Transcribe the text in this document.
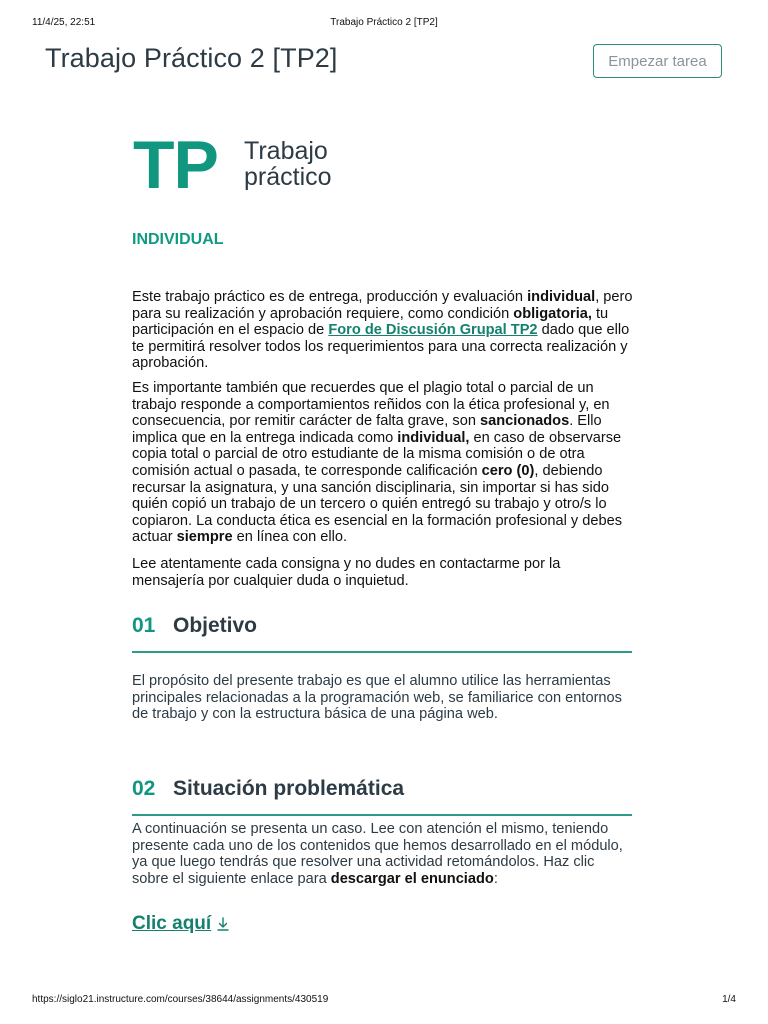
11/4/25, 22:51	Trabajo Práctico 2 [TP2]
Trabajo Práctico 2 [TP2]	Empezar tarea
TP Trabajo
práctico
INDIVIDUAL

Este trabajo práctico es de entrega, producción y evaluación individual, pero para su realización y aprobación requiere, como condición obligatoria, tu participación en el espacio de Foro de Discusión Grupal TP2 dado que ello te permitirá resolver todos los requerimientos para una correcta realización y aprobación.

Es importante también que recuerdes que el plagio total o parcial de un trabajo responde a comportamientos reñidos con la ética profesional y, en consecuencia, por remitir carácter de falta grave, son sancionados. Ello implica que en la entrega indicada como individual, en caso de observarse copia total o parcial de otro estudiante de la misma comisión o de otra comisión actual o pasada, te corresponde calificación cero (0), debiendo recursar la asignatura, y una sanción disciplinaria, sin importar si has sido quién copió un trabajo de un tercero o quién entregó su trabajo y otro/s lo copiaron. La conducta ética es esencial en la formación profesional y debes actuar siempre en línea con ello.

Lee atentamente cada consigna y no dudes en contactarme por la mensajería por cualquier duda o inquietud.

01 Objetivo

El propósito del presente trabajo es que el alumno utilice las herramientas principales relacionadas a la programación web, se familiarice con entornos de trabajo y con la estructura básica de una página web.

02 Situación problemática

A continuación se presenta un caso. Lee con atención el mismo, teniendo presente cada uno de los contenidos que hemos desarrollado en el módulo, ya que luego tendrás que resolver una actividad retomándolos. Haz clic sobre el siguiente enlace para descargar el enunciado:

Clic aquí
https://siglo21.instructure.com/courses/38644/assignments/430519	1/4
